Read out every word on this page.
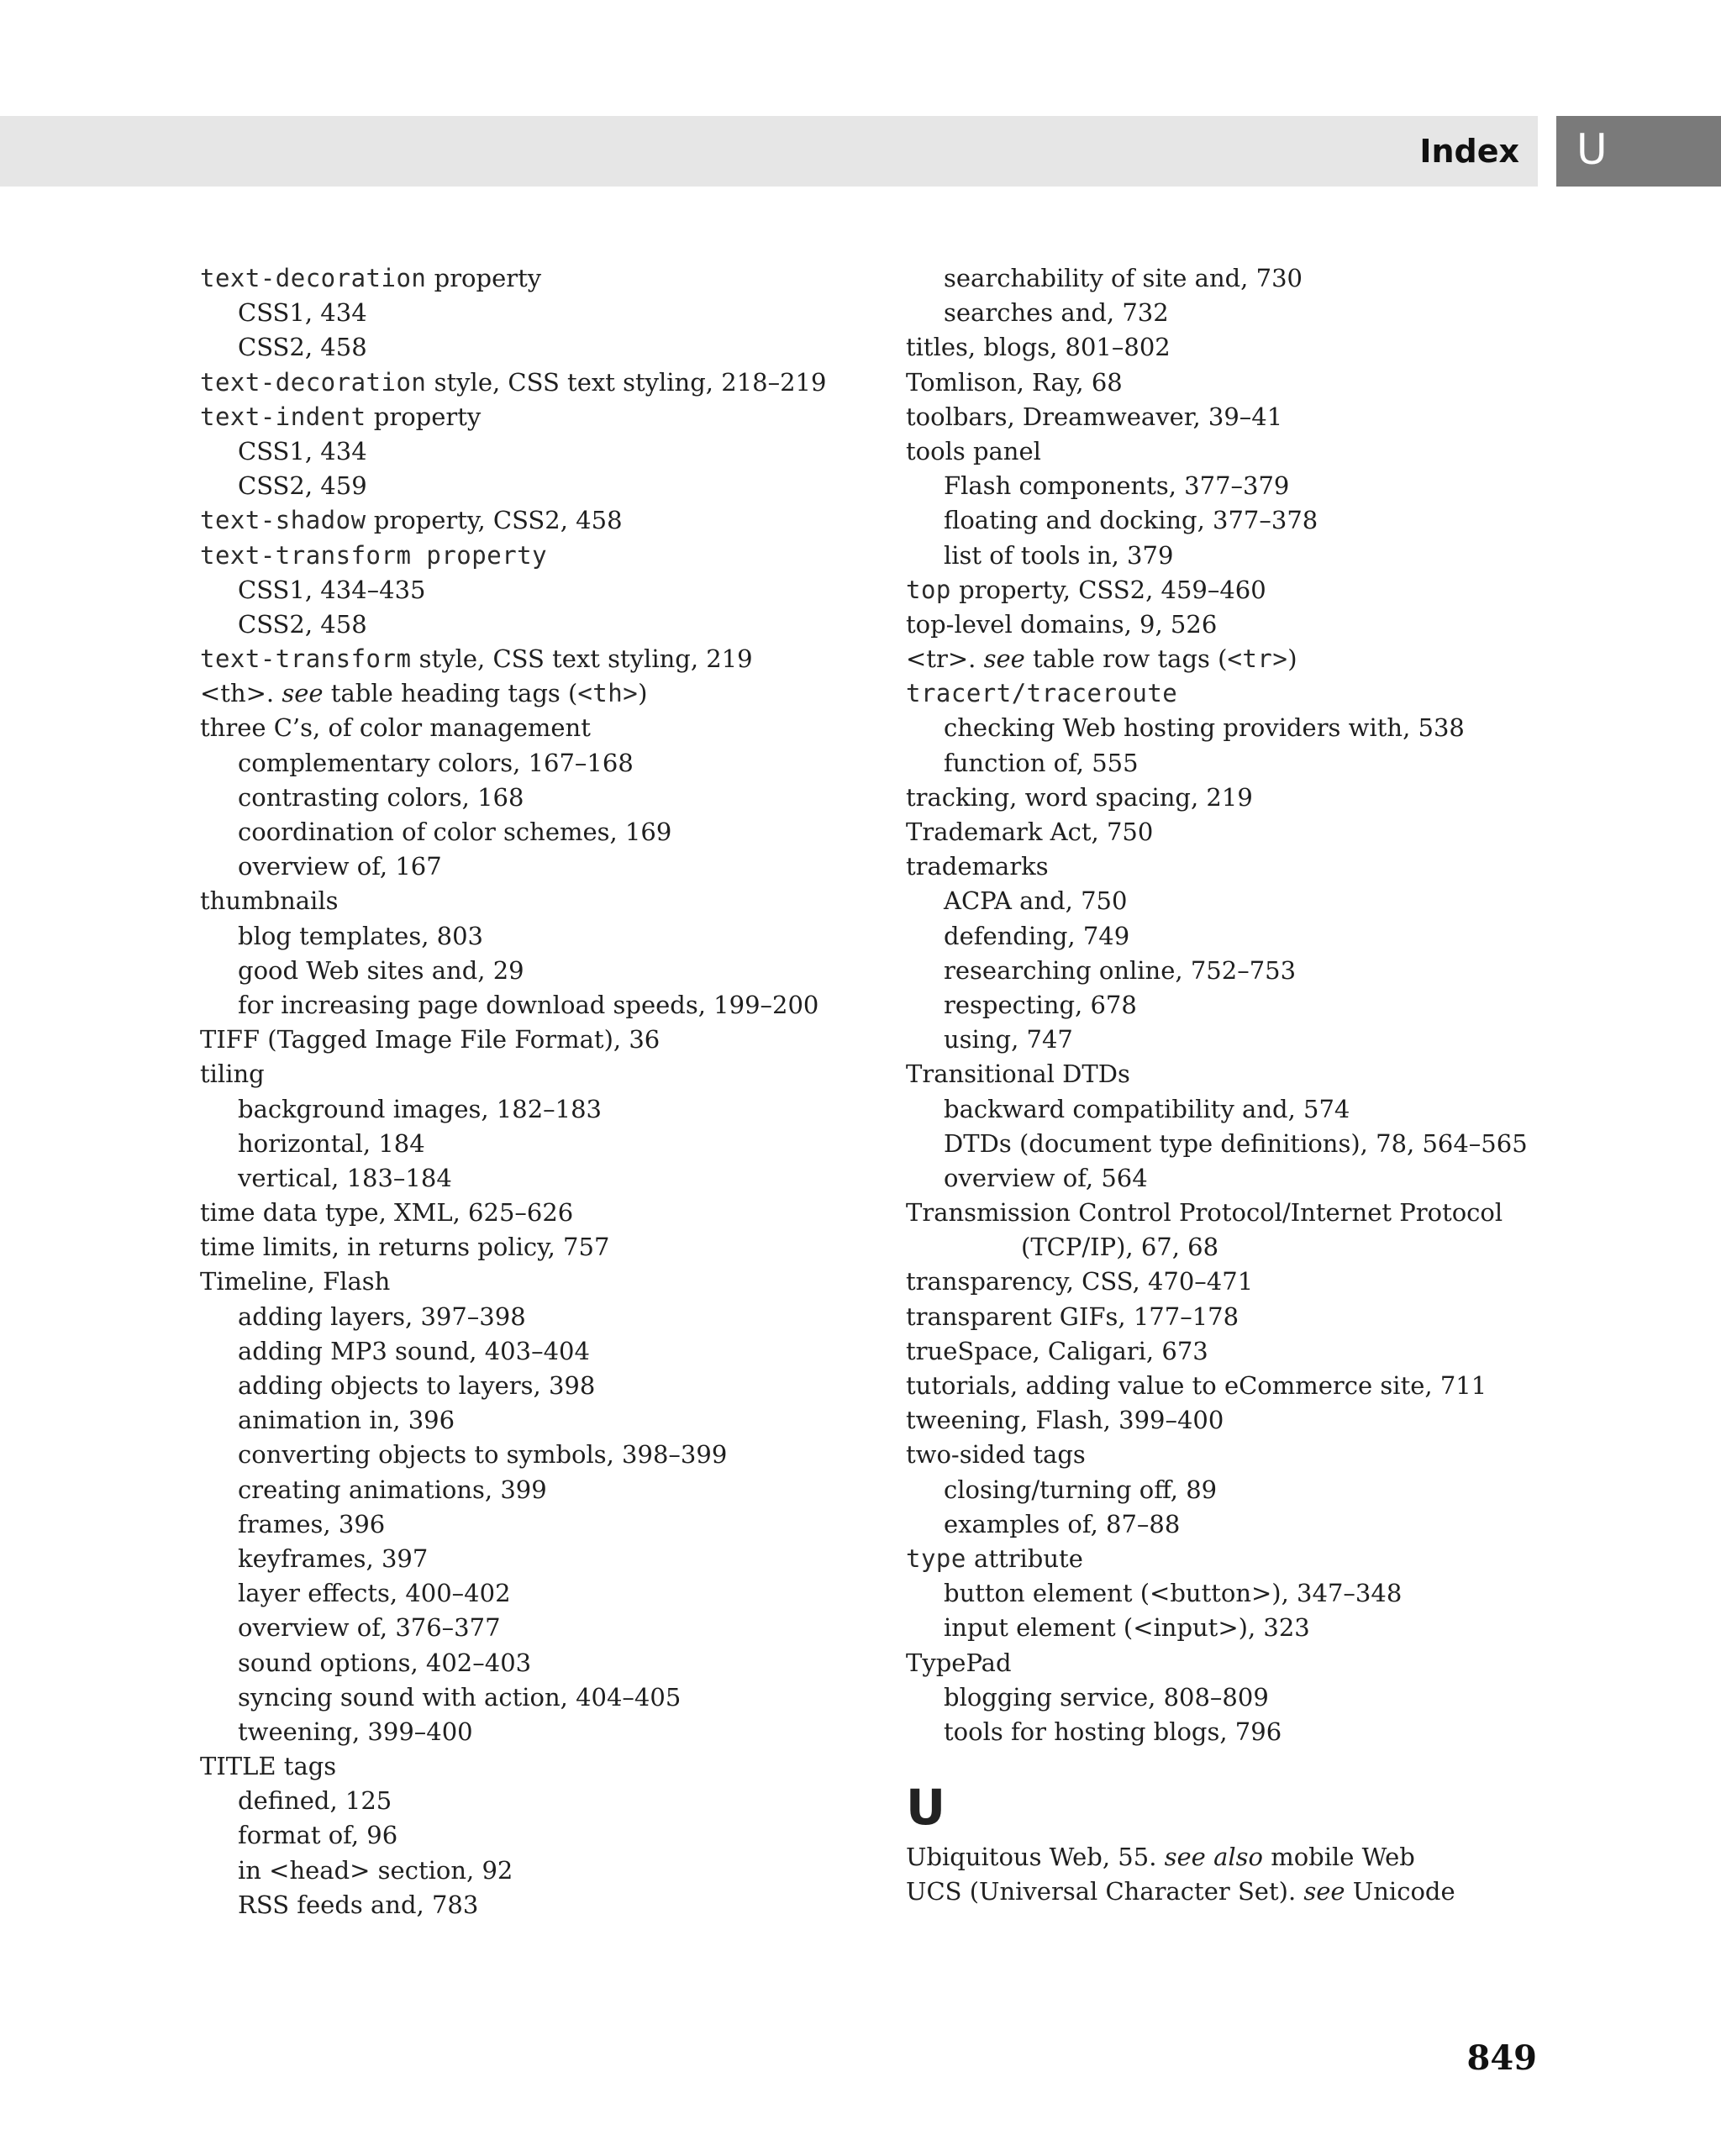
Index U
text-decoration property
CSS1, 434
CSS2, 458
text-decoration style, CSS text styling, 218–219
text-indent property
CSS1, 434
CSS2, 459
text-shadow property, CSS2, 458
text-transform property
CSS1, 434–435
CSS2, 458
text-transform style, CSS text styling, 219
<th>. see table heading tags (<th>)
three C’s, of color management
complementary colors, 167–168
contrasting colors, 168
coordination of color schemes, 169
overview of, 167
thumbnails
blog templates, 803
good Web sites and, 29
for increasing page download speeds, 199–200
TIFF (Tagged Image File Format), 36
tiling
background images, 182–183
horizontal, 184
vertical, 183–184
time data type, XML, 625–626
time limits, in returns policy, 757
Timeline, Flash
adding layers, 397–398
adding MP3 sound, 403–404
adding objects to layers, 398
animation in, 396
converting objects to symbols, 398–399
creating animations, 399
frames, 396
keyframes, 397
layer effects, 400–402
overview of, 376–377
sound options, 402–403
syncing sound with action, 404–405
tweening, 399–400
TITLE tags
defined, 125
format of, 96
in <head> section, 92
RSS feeds and, 783
searchability of site and, 730
searches and, 732
titles, blogs, 801–802
Tomlison, Ray, 68
toolbars, Dreamweaver, 39–41
tools panel
Flash components, 377–379
floating and docking, 377–378
list of tools in, 379
top property, CSS2, 459–460
top-level domains, 9, 526
<tr>. see table row tags (<tr>)
tracert/traceroute
checking Web hosting providers with, 538
function of, 555
tracking, word spacing, 219
Trademark Act, 750
trademarks
ACPA and, 750
defending, 749
researching online, 752–753
respecting, 678
using, 747
Transitional DTDs
backward compatibility and, 574
DTDs (document type definitions), 78, 564–565
overview of, 564
Transmission Control Protocol/Internet Protocol
(TCP/IP), 67, 68
transparency, CSS, 470–471
transparent GIFs, 177–178
trueSpace, Caligari, 673
tutorials, adding value to eCommerce site, 711
tweening, Flash, 399–400
two-sided tags
closing/turning off, 89
examples of, 87–88
type attribute
button element (<button>), 347–348
input element (<input>), 323
TypePad
blogging service, 808–809
tools for hosting blogs, 796
U
Ubiquitous Web, 55. see also mobile Web
UCS (Universal Character Set). see Unicode
849
